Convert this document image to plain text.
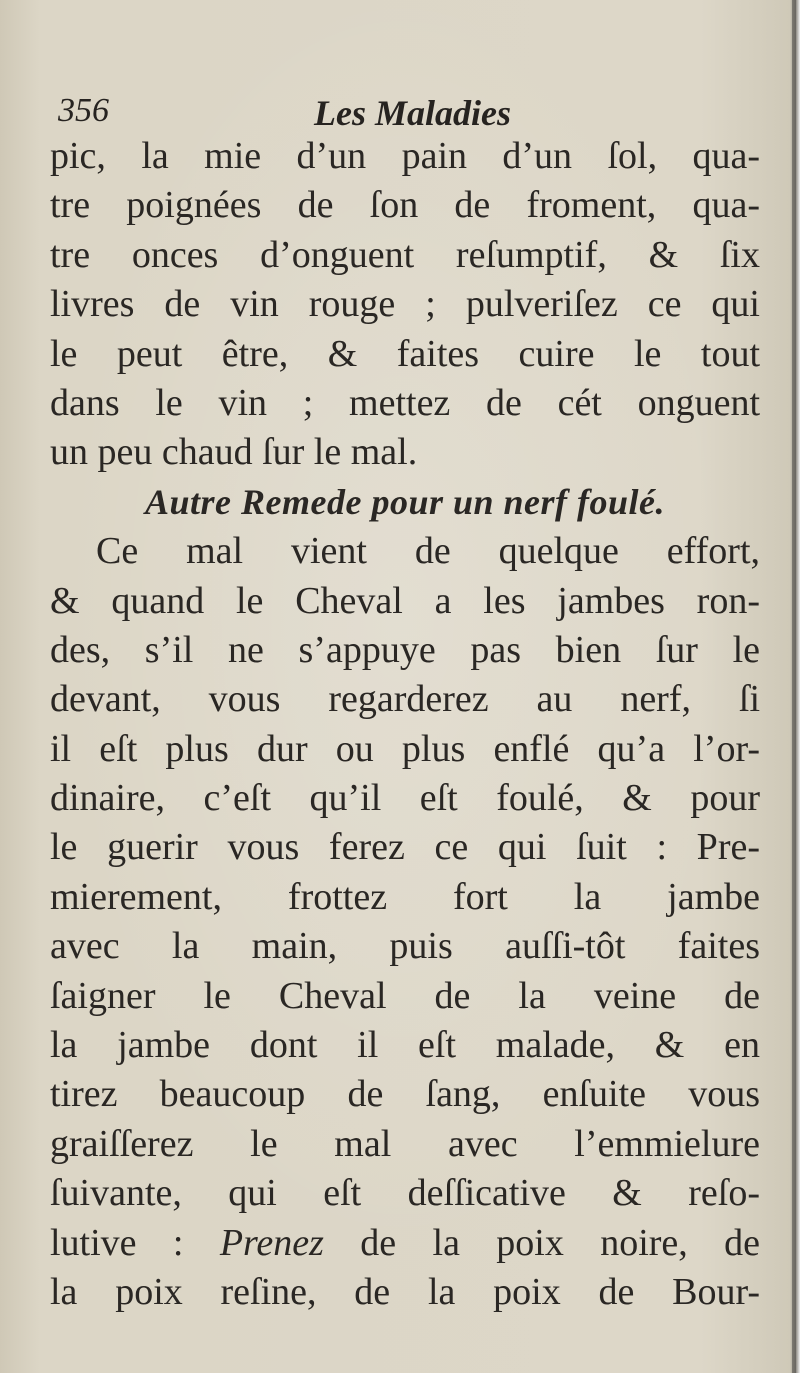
356	Les Maladies
pic, la mie d’un pain d’un ſol, qua-
tre poignées de ſon de froment, qua-
tre onces d’onguent reſumptif, & ſix
livres de vin rouge ; pulveriſez ce qui
le peut être, & faites cuire le tout
dans le vin ; mettez de cét onguent
un peu chaud ſur le mal.
Autre Remede pour un nerf foulé.
Ce mal vient de quelque effort,
& quand le Cheval a les jambes ron-
des, s’il ne s’appuye pas bien ſur le
devant, vous regarderez au nerf, ſi
il eſt plus dur ou plus enflé qu’a l’or-
dinaire, c’eſt qu’il eſt foulé, & pour
le guerir vous ferez ce qui ſuit : Pre-
mierement, frottez fort la jambe
avec la main, puis auſſi-tôt faites
ſaigner le Cheval de la veine de
la jambe dont il eſt malade, & en
tirez beaucoup de ſang, enſuite vous
graiſſerez le mal avec l’emmielure
ſuivante, qui eſt deſſicative & reſo-
lutive : Prenez de la poix noire, de
la poix reſine, de la poix de Bour-
